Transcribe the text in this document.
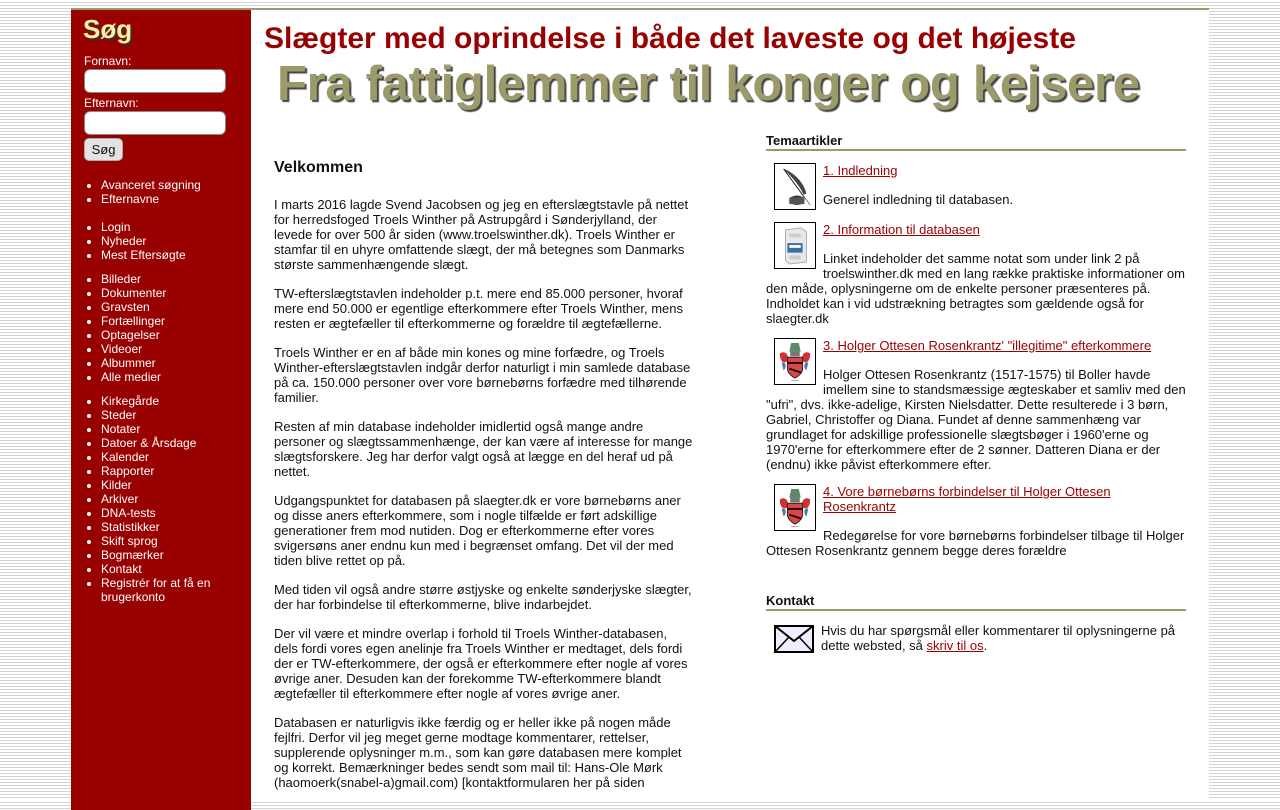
Søg
Fornavn:
Efternavn:
Søg
• Avanceret søgning
• Efternavne
• Login
• Nyheder
• Mest Eftersøgte
• Billeder
• Dokumenter
• Gravsten
• Fortællinger
• Optagelser
• Videoer
• Albummer
• Alle medier
• Kirkegårde
• Steder
• Notater
• Datoer & Årsdage
• Kalender
• Rapporter
• Kilder
• Arkiver
• DNA-tests
• Statistikker
• Skift sprog
• Bogmærker
• Kontakt
• Registrér for at få en brugerkonto
Slægter med oprindelse i både det laveste og det højeste
Fra fattiglemmer til konger og kejsere
Velkommen

I marts 2016 lagde Svend Jacobsen og jeg en efterslægtstavle på nettet for herredsfoged Troels Winther på Astrupgård i Sønderjylland, der levede for over 500 år siden (www.troelswinther.dk). Troels Winther er stamfar til en uhyre omfattende slægt, der må betegnes som Danmarks største sammenhængende slægt.

TW-efterslægtstavlen indeholder p.t. mere end 85.000 personer, hvoraf mere end 50.000 er egentlige efterkommere efter Troels Winther, mens resten er ægtefæller til efterkommerne og forældre til ægtefællerne.

Troels Winther er en af både min kones og mine forfædre, og Troels Winther-efterslægtstavlen indgår derfor naturligt i min samlede database på ca. 150.000 personer over vore børnebørns forfædre med tilhørende familier.

Resten af min database indeholder imidlertid også mange andre personer og slægtssammenhænge, der kan være af interesse for mange slægtsforskere. Jeg har derfor valgt også at lægge en del heraf ud på nettet.

Udgangspunktet for databasen på slaegter.dk er vore børnebørns aner og disse aners efterkommere, som i nogle tilfælde er ført adskillige generationer frem mod nutiden. Dog er efterkommerne efter vores svigersøns aner endnu kun med i begrænset omfang. Det vil der med tiden blive rettet op på.

Med tiden vil også andre større østjyske og enkelte sønderjyske slægter, der har forbindelse til efterkommerne, blive indarbejdet.

Der vil være et mindre overlap i forhold til Troels Winther-databasen, dels fordi vores egen anelinje fra Troels Winther er medtaget, dels fordi der er TW-efterkommere, der også er efterkommere efter nogle af vores øvrige aner. Desuden kan der forekomme TW-efterkommere blandt ægtefæller til efterkommere efter nogle af vores øvrige aner.

Databasen er naturligvis ikke færdig og er heller ikke på nogen måde fejlfri. Derfor vil jeg meget gerne modtage kommentarer, rettelser, supplerende oplysninger m.m., som kan gøre databasen mere komplet og korrekt. Bemærkninger bedes sendt som mail til: Hans-Ole Mørk (haomoerk(snabel-a)gmail.com) [kontaktformularen her på siden

Temaartikler
1. Indledning
Generel indledning til databasen.
2. Information til databasen
Linket indeholder det samme notat som under link 2 på troelswinther.dk med en lang række praktiske informationer om den måde, oplysningerne om de enkelte personer præsenteres på. Indholdet kan i vid udstrækning betragtes som gældende også for slaegter.dk
3. Holger Ottesen Rosenkrantz' "illegitime" efterkommere
Holger Ottesen Rosenkrantz (1517-1575) til Boller havde imellem sine to standsmæssige ægteskaber et samliv med den "ufri", dvs. ikke-adelige, Kirsten Nielsdatter. Dette resulterede i 3 børn, Gabriel, Christoffer og Diana. Fundet af denne sammenhæng var grundlaget for adskillige professionelle slægtsbøger i 1960'erne og 1970'erne for efterkommere efter de 2 sønner. Datteren Diana er der (endnu) ikke påvist efterkommere efter.
4. Vore børnebørns forbindelser til Holger Ottesen Rosenkrantz
Redegørelse for vore børnebørns forbindelser tilbage til Holger Ottesen Rosenkrantz gennem begge deres forældre
Kontakt
Hvis du har spørgsmål eller kommentarer til oplysningerne på dette websted, så skriv til os.
